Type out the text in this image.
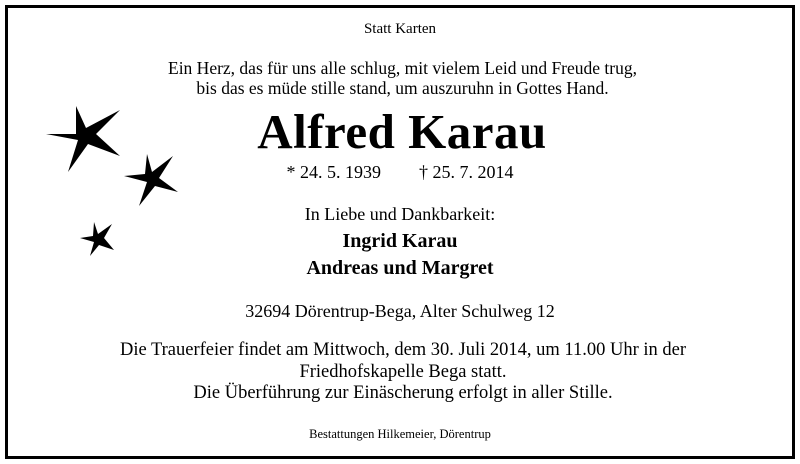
Statt Karten
Ein Herz, das für uns alle schlug, mit vielem Leid und Freude trug,
bis das es müde stille stand, um auszuruhn in Gottes Hand.
Alfred Karau
* 24. 5. 1939 † 25. 7. 2014
In Liebe und Dankbarkeit:
Ingrid Karau
Andreas und Margret
32694 Dörentrup-Bega, Alter Schulweg 12
Die Trauerfeier findet am Mittwoch, dem 30. Juli 2014, um 11.00 Uhr in der
Friedhofskapelle Bega statt.
Die Überführung zur Einäscherung erfolgt in aller Stille.
Bestattungen Hilkemeier, Dörentrup
